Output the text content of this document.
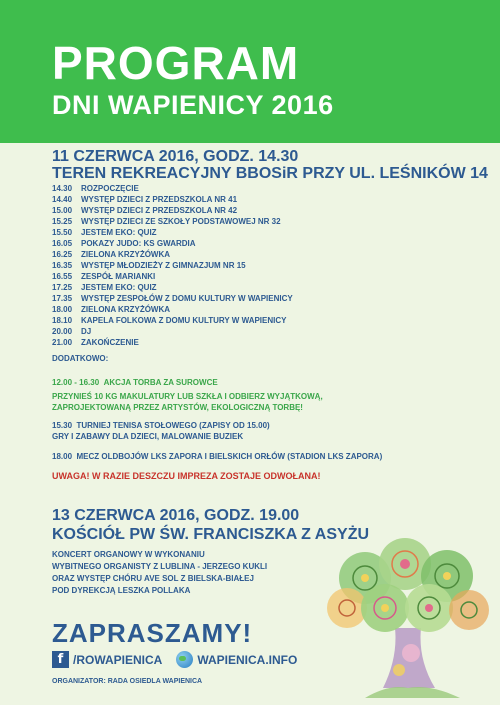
PROGRAM
DNI WAPIENICY 2016
11 CZERWCA 2016, GODZ. 14.30
TEREN REKREACYJNY BBOSiR PRZY UL. LEŚNIKÓW 14
14.30	ROZPOCZĘCIE
14.40	WYSTĘP DZIECI Z PRZEDSZKOLA NR 41
15.00	WYSTĘP DZIECI Z PRZEDSZKOLA NR 42
15.25	WYSTĘP DZIECI ZE SZKOŁY PODSTAWOWEJ NR 32
15.50	JESTEM EKO: QUIZ
16.05	POKAZY JUDO: KS GWARDIA
16.25	ZIELONA KRZYŻÓWKA
16.35	WYSTĘP MŁODZIEŻY Z GIMNAZJUM NR 15
16.55	ZESPÓŁ MARIANKI
17.25	JESTEM EKO: QUIZ
17.35	WYSTĘP ZESPOŁÓW Z DOMU KULTURY W WAPIENICY
18.00	ZIELONA KRZYŻÓWKA
18.10	KAPELA FOLKOWA Z DOMU KULTURY W WAPIENICY
20.00	DJ
21.00	ZAKOŃCZENIE
DODATKOWO:
12.00 - 16.30 AKCJA TORBA ZA SUROWCE
PRZYNIEŚ 10 KG MAKULATURY LUB SZKŁA I ODBIERZ WYJĄTKOWĄ,
ZAPROJEKTOWANĄ PRZEZ ARTYSTÓW, EKOLOGICZNĄ TORBĘ!
15.30 TURNIEJ TENISA STOŁOWEGO (ZAPISY OD 15.00)
GRY I ZABAWY DLA DZIECI, MALOWANIE BUZIEK
18.00 MECZ OLDBOJÓW LKS ZAPORA I BIELSKICH ORŁÓW (STADION LKS ZAPORA)
UWAGA! W RAZIE DESZCZU IMPREZA ZOSTAJE ODWOŁANA!
13 CZERWCA 2016, GODZ. 19.00
KOŚCIÓŁ PW ŚW. FRANCISZKA Z ASYŻU
KONCERT ORGANOWY W WYKONANIU
WYBITNEGO ORGANISTY Z LUBLINA - JERZEGO KUKLI
ORAZ WYSTĘP CHÓRU AVE SOL Z BIELSKA-BIAŁEJ
POD DYREKCJĄ LESZKA POLLAKA
ZAPRASZAMY!
f /ROWAPIENICA	WAPIENICA.INFO
ORGANIZATOR: RADA OSIEDLA WAPIENICA
